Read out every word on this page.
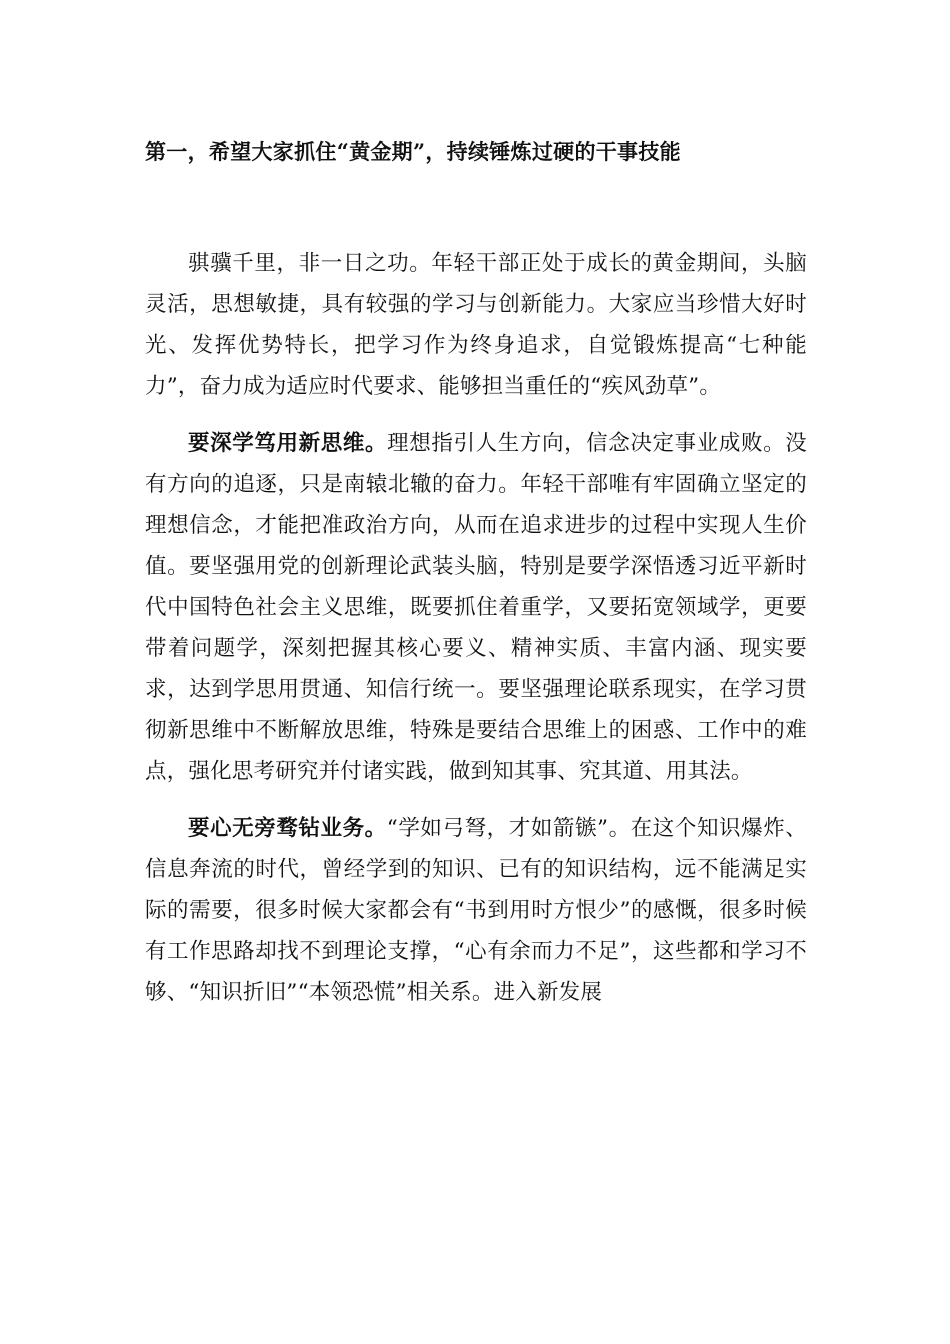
第一，希望大家抓住“黄金期”，持续锤炼过硬的干事技能

骐骥千里，非一日之功。年轻干部正处于成长的黄金期间，头脑灵活，思想敏捷，具有较强的学习与创新能力。大家应当珍惜大好时光、发挥优势特长，把学习作为终身追求，自觉锻炼提高“七种能力”，奋力成为适应时代要求、能够担当重任的“疾风劲草”。

要深学笃用新思维。理想指引人生方向，信念决定事业成败。没有方向的追逐，只是南辕北辙的奋力。年轻干部唯有牢固确立坚定的理想信念，才能把准政治方向，从而在追求进步的过程中实现人生价值。要坚强用党的创新理论武装头脑，特别是要学深悟透习近平新时代中国特色社会主义思维，既要抓住着重学，又要拓宽领域学，更要带着问题学，深刻把握其核心要义、精神实质、丰富内涵、现实要求，达到学思用贯通、知信行统一。要坚强理论联系现实，在学习贯彻新思维中不断解放思维，特殊是要结合思维上的困惑、工作中的难点，强化思考研究并付诸实践，做到知其事、究其道、用其法。

要心无旁骛钻业务。“学如弓弩，才如箭镞”。在这个知识爆炸、信息奔流的时代，曾经学到的知识、已有的知识结构，远不能满足实际的需要，很多时候大家都会有“书到用时方恨少”的感慨，很多时候有工作思路却找不到理论支撑，“心有余而力不足”，这些都和学习不够、“知识折旧”“本领恐慌”相关系。进入新发展
